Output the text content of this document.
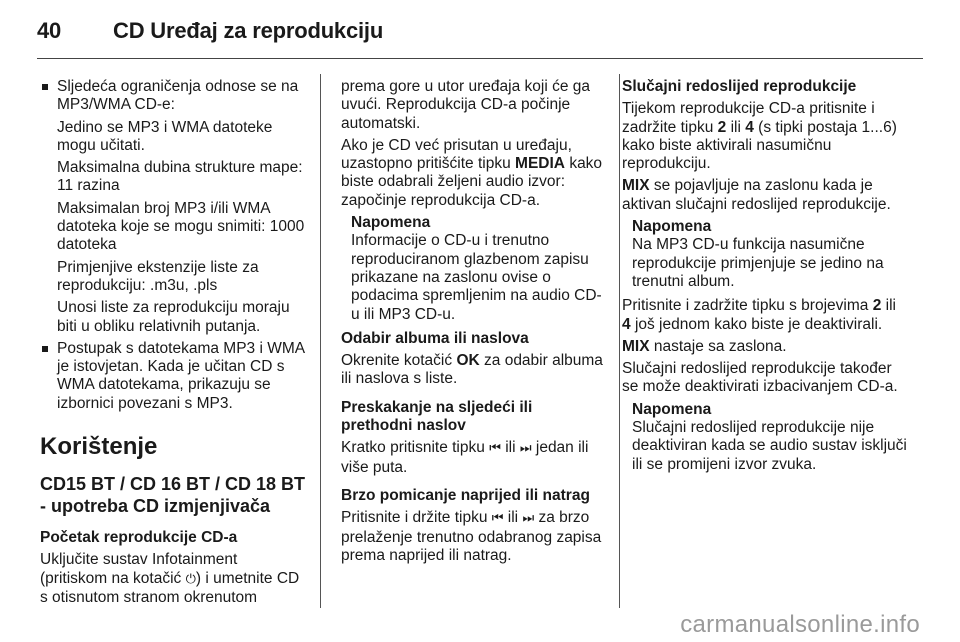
40 CD Uređaj za reprodukciju
Sljedeća ograničenja odnose se na MP3/WMA CD-e:

Jedino se MP3 i WMA datoteke mogu učitati.

Maksimalna dubina strukture mape: 11 razina

Maksimalan broj MP3 i/ili WMA datoteka koje se mogu snimiti: 1000 datoteka

Primjenjive ekstenzije liste za reprodukciju: .m3u, .pls

Unosi liste za reprodukciju moraju biti u obliku relativnih putanja.

Postupak s datotekama MP3 i WMA je istovjetan. Kada je učitan CD s WMA datotekama, prikazuju se izbornici povezani s MP3.
Korištenje
CD15 BT / CD 16 BT / CD 18 BT - upotreba CD izmjenjivača

Početak reprodukcije CD-a

Uključite sustav Infotainment (pritiskom na kotačić ⏻) i umetnite CD s otisnutom stranom okrenutom

prema gore u utor uređaja koji će ga uvući. Reprodukcija CD-a počinje automatski.

Ako je CD već prisutan u uređaju, uzastopno pritišćite tipku MEDIA kako biste odabrali željeni audio izvor: započinje reprodukcija CD-a.

Napomena
Informacije o CD-u i trenutno reproduciranom glazbenom zapisu prikazane na zaslonu ovise o podacima spremljenim na audio CD-u ili MP3 CD-u.

Odabir albuma ili naslova

Okrenite kotačić OK za odabir albuma ili naslova s liste.

Preskakanje na sljedeći ili prethodni naslov

Kratko pritisnite tipku ⏮ ili ⏭ jedan ili više puta.

Brzo pomicanje naprijed ili natrag

Pritisnite i držite tipku ⏮ ili ⏭ za brzo prelaženje trenutno odabranog zapisa prema naprijed ili natrag.

Slučajni redoslijed reprodukcije

Tijekom reprodukcije CD-a pritisnite i zadržite tipku 2 ili 4 (s tipki postaja 1...6) kako biste aktivirali nasumičnu reprodukciju.

MIX se pojavljuje na zaslonu kada je aktivan slučajni redoslijed reprodukcije.

Napomena
Na MP3 CD-u funkcija nasumične reprodukcije primjenjuje se jedino na trenutni album.

Pritisnite i zadržite tipku s brojevima 2 ili 4 još jednom kako biste je deaktivirali.

MIX nastaje sa zaslona.

Slučajni redoslijed reprodukcije također se može deaktivirati izbacivanjem CD-a.

Napomena
Slučajni redoslijed reprodukcije nije deaktiviran kada se audio sustav isključi ili se promijeni izvor zvuka.
carmanualsonline.info
